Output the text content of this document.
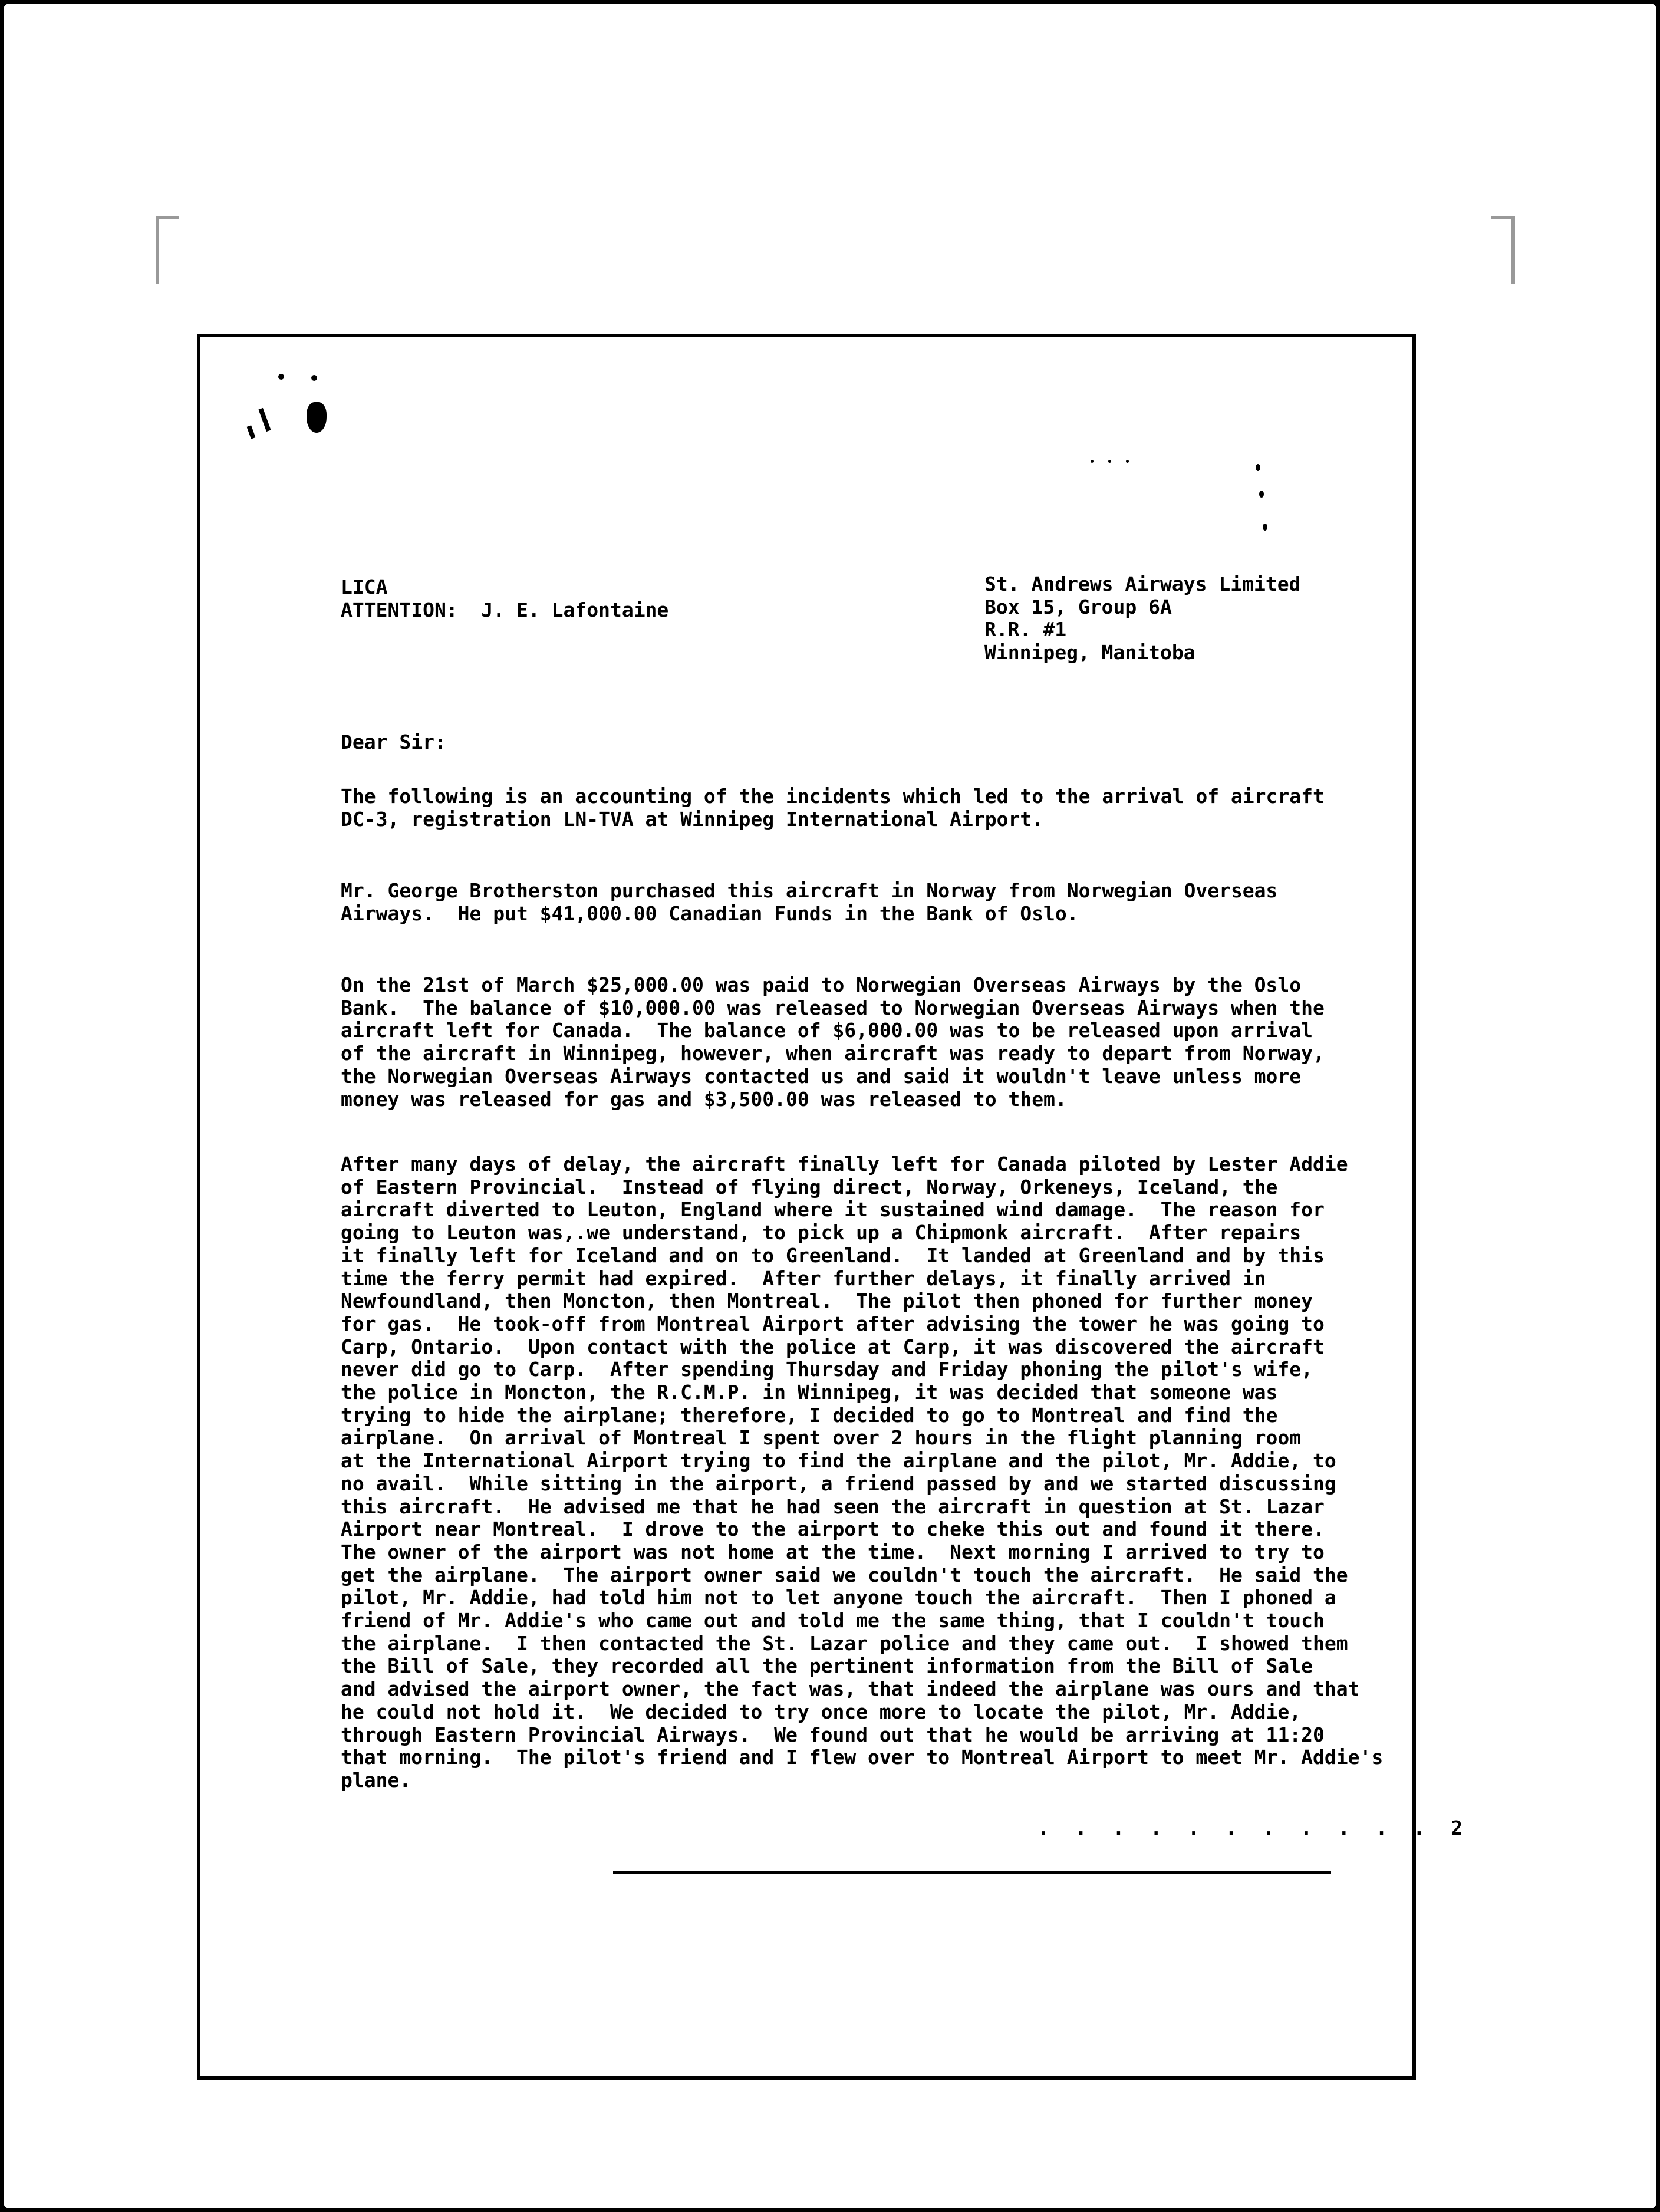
LICA
ATTENTION:  J. E. Lafontaine
St. Andrews Airways Limited
Box 15, Group 6A
R.R. #1
Winnipeg, Manitoba
Dear Sir:
The following is an accounting of the incidents which led to the arrival of aircraft
DC-3, registration LN-TVA at Winnipeg International Airport.
Mr. George Brotherston purchased this aircraft in Norway from Norwegian Overseas
Airways.  He put $41,000.00 Canadian Funds in the Bank of Oslo.
On the 21st of March $25,000.00 was paid to Norwegian Overseas Airways by the Oslo
Bank.  The balance of $10,000.00 was released to Norwegian Overseas Airways when the
aircraft left for Canada.  The balance of $6,000.00 was to be released upon arrival
of the aircraft in Winnipeg, however, when aircraft was ready to depart from Norway,
the Norwegian Overseas Airways contacted us and said it wouldn't leave unless more
money was released for gas and $3,500.00 was released to them.
After many days of delay, the aircraft finally left for Canada piloted by Lester Addie
of Eastern Provincial.  Instead of flying direct, Norway, Orkeneys, Iceland, the
aircraft diverted to Leuton, England where it sustained wind damage.  The reason for
going to Leuton was,.we understand, to pick up a Chipmonk aircraft.  After repairs
it finally left for Iceland and on to Greenland.  It landed at Greenland and by this
time the ferry permit had expired.  After further delays, it finally arrived in
Newfoundland, then Moncton, then Montreal.  The pilot then phoned for further money
for gas.  He took-off from Montreal Airport after advising the tower he was going to
Carp, Ontario.  Upon contact with the police at Carp, it was discovered the aircraft
never did go to Carp.  After spending Thursday and Friday phoning the pilot's wife,
the police in Moncton, the R.C.M.P. in Winnipeg, it was decided that someone was
trying to hide the airplane; therefore, I decided to go to Montreal and find the
airplane.  On arrival of Montreal I spent over 2 hours in the flight planning room
at the International Airport trying to find the airplane and the pilot, Mr. Addie, to
no avail.  While sitting in the airport, a friend passed by and we started discussing
this aircraft.  He advised me that he had seen the aircraft in question at St. Lazar
Airport near Montreal.  I drove to the airport to cheke this out and found it there.
The owner of the airport was not home at the time.  Next morning I arrived to try to
get the airplane.  The airport owner said we couldn't touch the aircraft.  He said the
pilot, Mr. Addie, had told him not to let anyone touch the aircraft.  Then I phoned a
friend of Mr. Addie's who came out and told me the same thing, that I couldn't touch
the airplane.  I then contacted the St. Lazar police and they came out.  I showed them
the Bill of Sale, they recorded all the pertinent information from the Bill of Sale
and advised the airport owner, the fact was, that indeed the airplane was ours and that
he could not hold it.  We decided to try once more to locate the pilot, Mr. Addie,
through Eastern Provincial Airways.  We found out that he would be arriving at 11:20
that morning.  The pilot's friend and I flew over to Montreal Airport to meet Mr. Addie's
plane.
. . . . . . . . . . . 2
